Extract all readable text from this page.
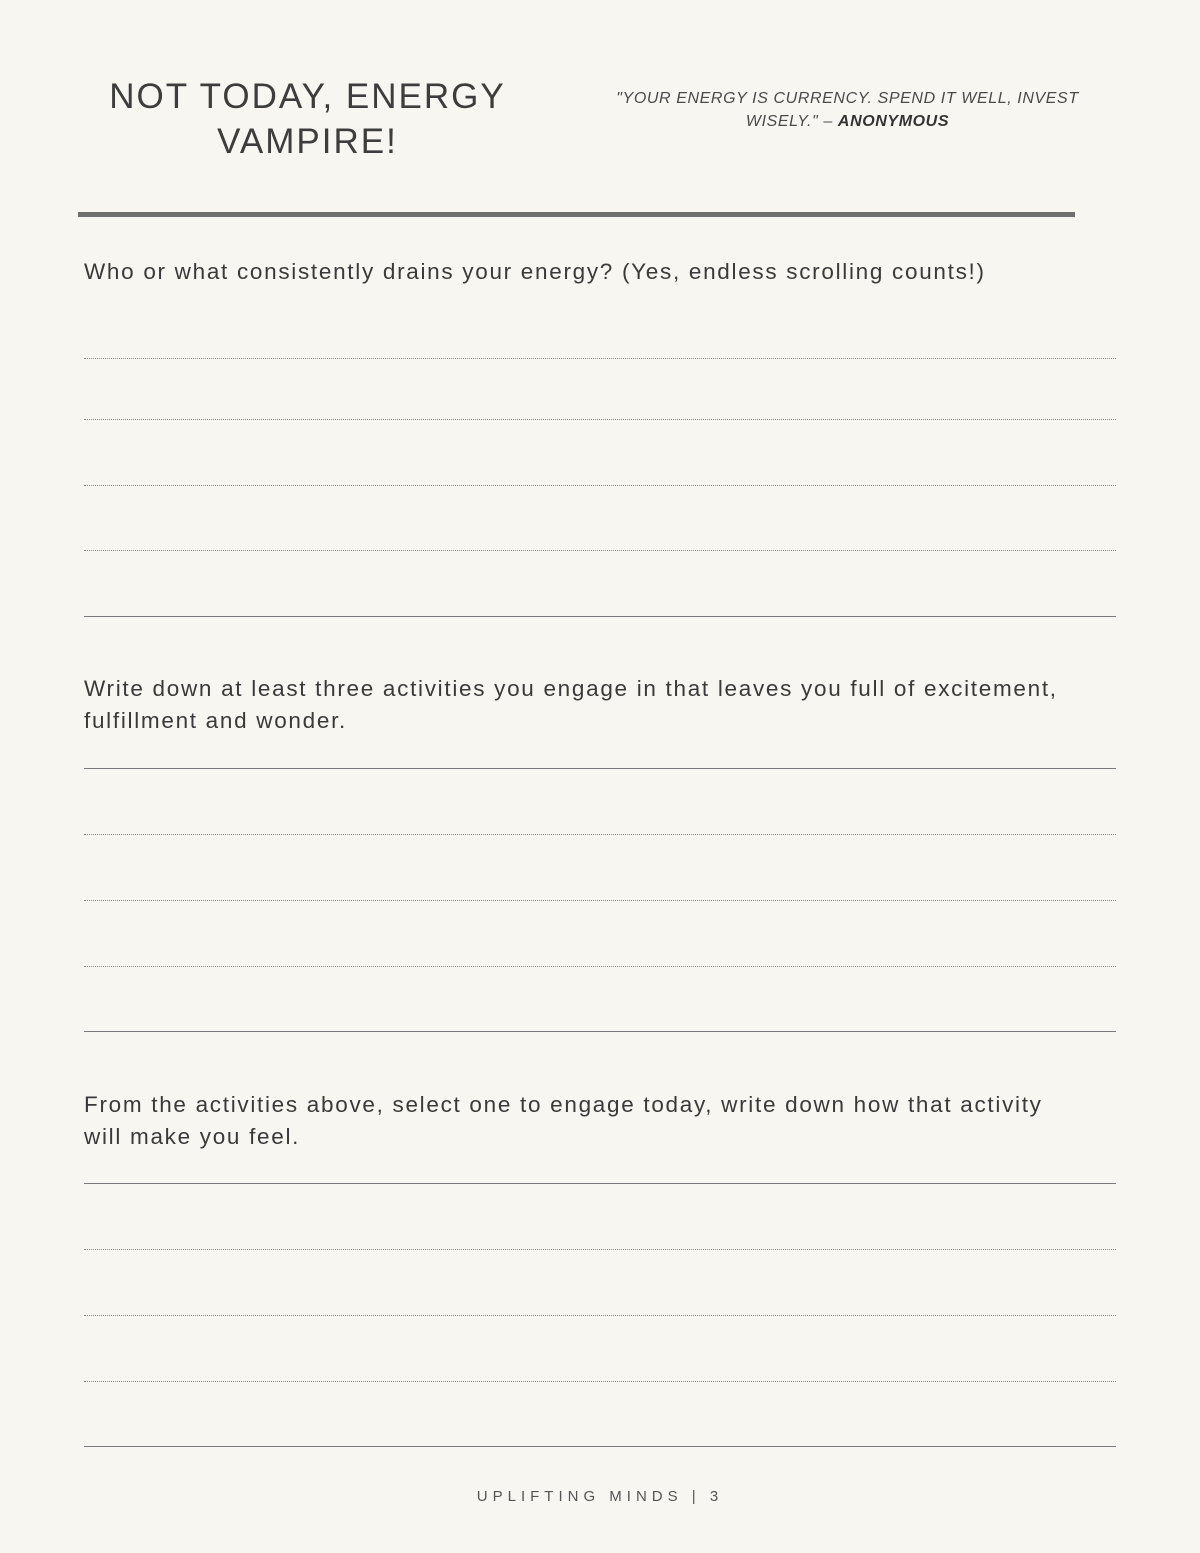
NOT TODAY, ENERGY
VAMPIRE!
"YOUR ENERGY IS CURRENCY. SPEND IT WELL, INVEST WISELY." – ANONYMOUS

Who or what consistently drains your energy? (Yes, endless scrolling counts!)

Write down at least three activities you engage in that leaves you full of excitement, fulfillment and wonder.

From the activities above, select one to engage today, write down how that activity will make you feel.

UPLIFTING MINDS | 3
